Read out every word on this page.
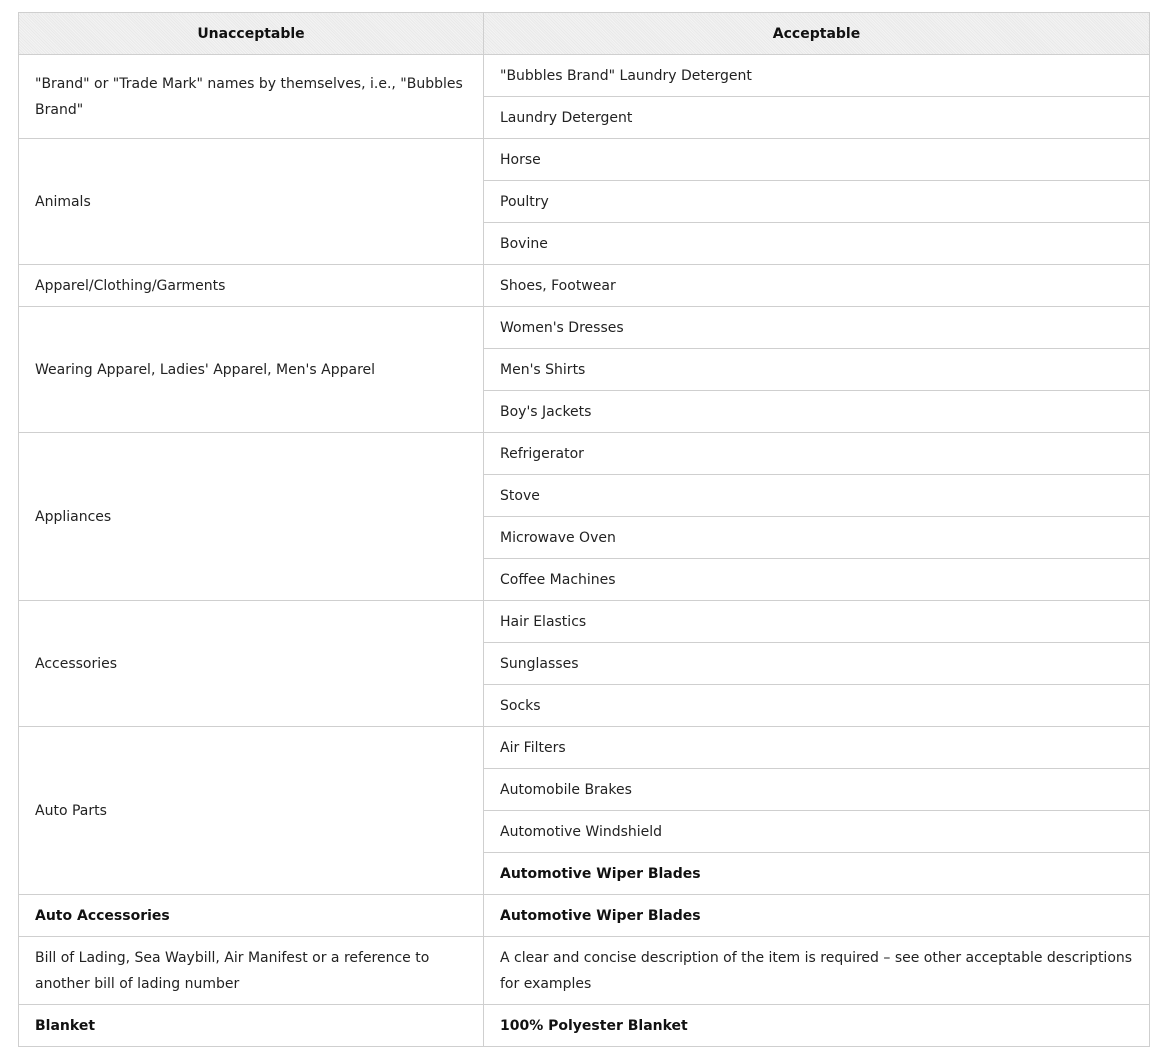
Unacceptable	Acceptable
"Brand" or "Trade Mark" names by themselves, i.e., "Bubbles Brand"	"Bubbles Brand" Laundry Detergent
	Laundry Detergent
Animals	Horse
	Poultry
	Bovine
Apparel/Clothing/Garments	Shoes, Footwear
Wearing Apparel, Ladies' Apparel, Men's Apparel	Women's Dresses
	Men's Shirts
	Boy's Jackets
Appliances	Refrigerator
	Stove
	Microwave Oven
	Coffee Machines
Accessories	Hair Elastics
	Sunglasses
	Socks
Auto Parts	Air Filters
	Automobile Brakes
	Automotive Windshield
	Automotive Wiper Blades
Auto Accessories	Automotive Wiper Blades
Bill of Lading, Sea Waybill, Air Manifest or a reference to another bill of lading number	A clear and concise description of the item is required – see other acceptable descriptions for examples
Blanket	100% Polyester Blanket
